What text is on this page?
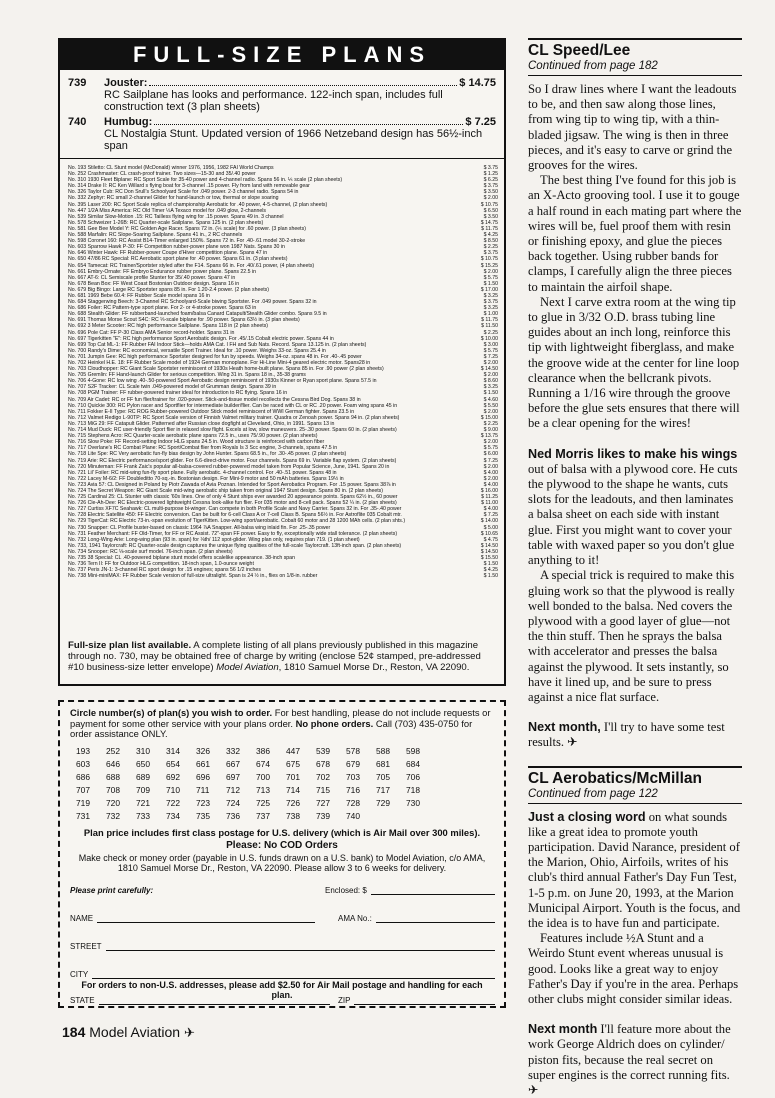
FULL-SIZE PLANS
739	Jouster:	$ 14.75
RC Sailplane has looks and performance. 122-inch span, includes full construction text (3 plan sheets)
740	Humbug:	$ 7.25
CL Nostalgia Stunt. Updated version of 1966 Netzeband design has 56½-inch span
No. 193 Stiletto: CL Stunt model (McDonald) winner 1976, 1956, 1982 FAI World Champs	$ 3.75
No. 252 Crashmaster: CL crash-proof trainer. Two sizes—15-30 and 35/.40 power	$ 1.25
No. 310 1930 Fleet Biplane: RC Sport Scale for 35-40 power and 4-channel radio. Spans 56 in. ⅙ scale (2 plan sheets)	$ 6.25
No. 314 Drake II: RC Ken Willard s flying boat for 3-channel .15 power. Fly from land with removable gear	$ 3.75
No. 326 Taylor Cub: RC Don Srull's Schoolyard Scale for .049 power. 2-3 channel radio. Spans 54 in	$ 3.50
No. 332 Zephyr: RC small 2-channel Glider for hand-launch or tow, thermal or slope soaring	$ 2.00
No. 395 Laser 200: RC Sport Scale replica of championship Aerobatic for .40 power, 4-5-channel, (2 plan sheets)	$ 10.75
No. 447 1/2A Miss America: RC Old Timer ½A Texaco model for .049 glow, 2-channels	$ 6.50
No. 539 Similar Slow-Motion .15: RC Tailless flying wing for .15 power. Spans 49 in. 3 channel	$ 3.50
No. 578 Schweizer 1-26B: RC Quarter-scale Sailplane. Spans 125 in. (2 plan sheets)	$ 14.75
No. 581 Gee Bee Model Y: RC Golden Age Racer. Spans 72 in. (⅕ scale) for .60 power. (3 plan sheets)	$ 11.75
No. 588 Marfalin: RC Slope-Soaring Sailplane. Spans 41 in., 2 RC channels	$ 4.25
No. 598 Coronet 160: RC Assist B14-Timer enlarged 150%. Spans 72 in. For .40-.61 model 30-2-stroke	$ 8.50
No. 603 Sparrow Hawk P-30: FF Competition rubber-power plane won 1987 Nats. Spans 30 in	$ 2.25
No. 646 Winter Hawk: FF Rubber-power Coupe d'Hiver competition plane. Spans 47 in	$ 3.75
No. 650 47/86 RC Special: RC Aerobatic sport plane for .40 power. Spans 61 in. (3 plan sheets)	$ 10.75
No. 654 Tamecat: RC Trainer/Sportster styled after the F14. Spans 66 in. For .40/.61 power, (4 plan sheets)	$ 15.25
No. 661 Embry-Ornate: FF Embryo Endurance rubber power plane. Spans 22.5 in	$ 2.00
No. 667 AT-6: CL Semiscale profile Stunter for 35/.40 power. Spans 47 in	$ 5.75
No. 678 Bean Box: FF West Coast Bostonian Outdoor design. Spans 16 in	$ 1.50
No. 679 Big Bingo: Large RC Sportster spans 85 in. For 1.20-2.4 power. (2 plan sheets)	$ 17.00
No. 681 1969 Bebe 60.4: FF Rubber Scale model spans 16 in	$ 3.25
No. 684 Staggerwing Beech: 3-Channel RC Schoolyard-Scale biwing Sportster. For .049 power. Spans 32 in	$ 3.75
No. 686 Foiler: RC Pattern-type sport plane. For 2- or 4-stroke power. Spans 63 in	$ 3.25
No. 688 Stealth Glider: FF rubberband-launched foam/balsa Canard Catapult/Stealth Glider combo. Spans 9.5 in	$ 1.00
No. 691 Thomas Morse Scout S4C: RC ⅓-scale biplane for .90 power. Spans 63½ in. (3 plan sheets)	$ 11.75
No. 692 3 Meter Scooter: RC high performance Sailplane. Spans 118 in (2 plan sheets)	$ 11.50
No. 696 Pole Cat: FF P-30 Class AMA Senior record-holder. Spans 31 in	$ 2.25
No. 697 Tigerkitten "E": RC high performance Sport Aerobatic design. For .45/.15 Cobalt electric power. Spans 44 in	$ 10.00
No. 699 Top Cat ML-1: FF Rubber FAI Indoor Stick—holds AMA Cat. I FH and Sub Nats. Record. Spans 13.125 in. (2 plan sheets)	$ 3.00
No. 700 Randy's Dime: RC economical, versatile Sport Trainer. Ideal for .10 power. Weighs 33-oz. Spans 25.4 in	$ 5.75
No. 701 Jumpin Gee: RC high performance Sportster designed for fun by speeds. Weighs 34-oz. spans 48 in. For .40-.45 power	$ 7.25
No. 702 Heinkel H.E. 18: FF Rubber Scale model of 1924 German monoplane. For Hi-Line Mini-4 geared electric motor. Spans28 in	$ 2.00
No. 703 Cloudhopper: RC Giant Scale Sportster reminiscent of 1930s Heath home-built plane. Spans 85 in. For .90 power (2 plan sheets)	$ 14.50
No. 705 Gremlin: FF Hand-launch Glider for serious competition. Wing 31 in. Spans 18 in., 35-38 grams	$ 2.00
No. 706 4-Gone: RC low wing .40-.50-powered Sport Aerobatic design reminiscent of 1930s Kinner or Ryan sport plane. Spans 57.5 in	$ 8.60
No. 707 S2F Tracker: CL Scale twin .049-powered model of Grumman design. Spans 39 in	$ 3.25
No. 708 PGM Trainer: FF rubber-powered trainer ideal for introduction to RC flying. Spans 16 in	$ 1.50
No. 709 Air Cadet: RC or FF fun flier/trainer for .020-power. Stick-and-tissue model recollects the Cessna Bird Dog. Spans 38 in	$ 4.60
No. 710 Quickie 300: RC Pylon racer and Sportflier for intermediate builder/flier. Can be raced with CL or RC .20 power. Foam wing spans 45 in	$ 5.50
No. 711 Fokker E-II Type: RC ROG Rubber-powered Outdoor Stick model reminiscent of WWI German fighter. Spans 23.5 in	$ 2.00
No. 712 Valmet Redigo L-90TP: RC Sport Scale version of Finnish Valmet military trainer. Quadra or Zenoah power. Spans 94 in. (2 plan sheets)	$ 15.00
No. 713 MiG 29: FF Catapult Glider. Patterned after Russian close dogfight at Cleveland, Ohio, in 1991. Spans 13 in	$ 2.25
No. 714 Mud Duck: RC user-friendly Sport flier in relaxed slow flight. Excels at low, slow maneuvers. 25-.30 power. Spans 60 in. (2 plan sheets)	$ 9.00
No. 715 Stephens Acro: RC Quarter-scale aerobatic plane spans 72.5 in., uses 75/.90 power. (2 plan sheets)	$ 13.75
No. 716 Slow Poke: FF Record-setting Indoor HLG spans 24.5 in. Wood structure is reinforced with carbon fiber	$ 2.00
No. 717 Overlane's RC Combat Plane: RC Sport/Combat flier from Royals Is 3 Scc engine, 3-channels, spans 47.5 in	$ 5.75
No. 718 Lite Spe: RC Very aerobatic fun-fly bias design by John Hunter. Spans 68.5 in., for .30-.45 power. (2 plan sheets)	$ 6.00
No. 719 Arie: RC Electric performance/sport glider. For 6.6-direct-drive motor. Four channels. Spans 69 in. Variable flap system. (2 plan sheets)	$ 7.25
No. 720 Minuteman: FF Frank Zaic's popular all-balsa-covered rubber-powered model taken from Popular Science, June, 1941. Spans 20 in	$ 2.00
No. 721 Lil' Foiler: RC mid-wing fun-fly sport plane. Fully aerobatic. 4-channel control. For .40-.51 power. Spans 48 in	$ 4.00
No. 722 Lacey M-6/2: FF Doubleditto 70-sq.-in. Bostonian design. For Mini-9 motor and 50 mAh batteries. Spans 19½ in	$ 2.00
No. 723 Avia 57: CL Designed in Poland by Piotr Zawada of Avia Poznan. Intended for Sport Aerobatics Program. For .15 power. Spans 38⅞ in	$ 4.00
No. 724 The Secret Weapon: RC Giant Scale mid-wing aerobatic ship taken from original 1947 Stunt design. Spans 80 in. (2 plan sheets)	$ 16.00
No. 725 Cardinal 25: CL Stunter with classic '60s lines. One of only 4 Stunt ships ever awarded 20 appearance points. Spans 62½ in., 60 power	$ 11.25
No. 726 Cle-Ah-Dee: RC Electric-powered lightweight Cessna look-alike fun flier. For 035 motor and 8-cell pack. Spans 52 ¼ in. (2 plan sheets)	$ 11.00
No. 727 Curtiss XF7C Seahawk: CL multi-purpose bi-winger. Can compete in both Profile Scale and Navy Carrier. Spans 32 in. For .35-.40 power	$ 4.00
No. 728 Electric Satellite 450: FF Electric conversion. Can be built for 6-cell Class A or 7-cell Class B. Spans 56½ in. For Astroflite 035 Cobalt mtr.	$ 7.25
No. 729 TigerCat: RC Electric 73-in.-span evolution of TigerKitten. Low-wing sport/aerobatic. Cobalt 60 motor and 28 1200 MAh cells. (2 plan shts.)	$ 14.00
No. 730 Snapper: CL Profile buster-based on classic 1964 ⅞A Snapper. All-balsa wing inlaid fin. For .25-.35 power	$ 5.00
No. 731 Feather Merchant: FF Old-Timer, for FF or RC Assist. 72"-span FF power. Easy to fly, exceptionally wide stall tolerance. (2 plan sheets)	$ 10.65
No. 732 Long-Wing Arie: Long-wing plan (93 in. span) for ⅛th/ 112 spot-glider. Wing plan only, requires plan 719. (1 plan sheet)	$ 4.75
No. 733, 1941 Taylorcraft: RC Quarter-scale design captures the unique flying qualities of the full-scale Taylorcraft. 13ft-inch span. (2 plan sheets)	$ 14.50
No. 734 Snooper: RC ⅛-scale surf model. 76-inch span. (2 plan sheets)	$ 14.50
No. 735 38 Special: CL .40-powered biplane stunt model offers scalelike appearance. 38-inch span	$ 15.50
No. 736 Tern II: FF for Outdoor HLG competition. 18-inch span, 1.0-ounce weight	$ 1.50
No. 737 Peris JN-1: 3-channel RC sport design for .15 engines; spans 56 1/2 inches	$ 4.25
No. 738 Mini-miniMAX: FF Rubber Scale version of full-size ultralight. Span is 24 ½ in., flies on 1/8-in. rubber	$ 1.50
Full-size plan list available. A complete listing of all plans previously published in this magazine through no. 730, may be obtained free of charge by writing (enclose 52¢ stamped, pre-addressed #10 business-size letter envelope) Model Aviation, 1810 Samuel Morse Dr., Reston, VA 22090.
Circle number(s) of plan(s) you wish to order. For best handling, please do not include requests or payment for some other service with your plans order. No phone orders. Call (703) 435-0750 for order assistance ONLY.
193	252	310	314	326	332	386	447	539	578	588	598
603	646	650	654	661	667	674	675	678	679	681	684
686	688	689	692	696	697	700	701	702	703	705	706
707	708	709	710	711	712	713	714	715	716	717	718
719	720	721	722	723	724	725	726	727	728	729	730
731	732	733	734	735	736	737	738	739	740
Plan price includes first class postage for U.S. delivery (which is Air Mail over 300 miles).
Please: No COD Orders
Make check or money order (payable in U.S. funds drawn on a U.S. bank) to Model Aviation, c/o AMA, 1810 Samuel Morse Dr., Reston, VA 22090. Please allow 3 to 6 weeks for delivery.
Please print carefully:	Enclosed: $
NAME	AMA No.:
STREET
CITY
STATE	ZIP
For orders to non-U.S. addresses, please add $2.50 for Air Mail postage and handling for each plan.
CL Speed/Lee
Continued from page 182

So I draw lines where I want the leadouts to be, and then saw along those lines, from wing tip to wing tip, with a thin-bladed jigsaw. The wing is then in three pieces, and it's easy to carve or grind the grooves for the wires.

The best thing I've found for this job is an X-Acto grooving tool. I use it to gouge a half round in each mating part where the wires will be, fuel proof them with resin or finishing epoxy, and glue the pieces back together. Using rubber bands for clamps, I carefully align the three pieces to maintain the airfoil shape.

Next I carve extra room at the wing tip to glue in 3/32 O.D. brass tubing line guides about an inch long, reinforce this tip with lightweight fiberglass, and make the groove wide at the center for line loop clearance when the bellcrank pivots. Running a 1/16 wire through the groove before the glue sets ensures that there will be a clear opening for the wires!

Ned Morris likes to make his wings out of balsa with a plywood core. He cuts the plywood to the shape he wants, cuts slots for the leadouts, and then laminates a balsa sheet on each side with instant glue. First you might want to cover your table with waxed paper so you don't glue anything to it!

A special trick is required to make this gluing work so that the plywood is really well bonded to the balsa. Ned covers the plywood with a good layer of glue—not the thin stuff. Then he sprays the balsa with accelerator and presses the balsa against the plywood. It sets instantly, so have it lined up, and be sure to press against a nice flat surface.

Next month, I'll try to have some test results. ✈

CL Aerobatics/McMillan
Continued from page 122

Just a closing word on what sounds like a great idea to promote youth participation. David Narance, president of the Marion, Ohio, Airfoils, writes of his club's third annual Father's Day Fun Test, 1-5 p.m. on June 20, 1993, at the Marion Municipal Airport. Youth is the focus, and the idea is to have fun and participate.

Features include ½A Stunt and a Weirdo Stunt event whereas unusual is good. Looks like a great way to enjoy Father's Day if you're in the area. Perhaps other clubs might consider similar ideas.

Next month I'll feature more about the work George Aldrich does on cylinder/ piston fits, because the real secret on super engines is the correct running fits. ✈

184 Model Aviation ✈
